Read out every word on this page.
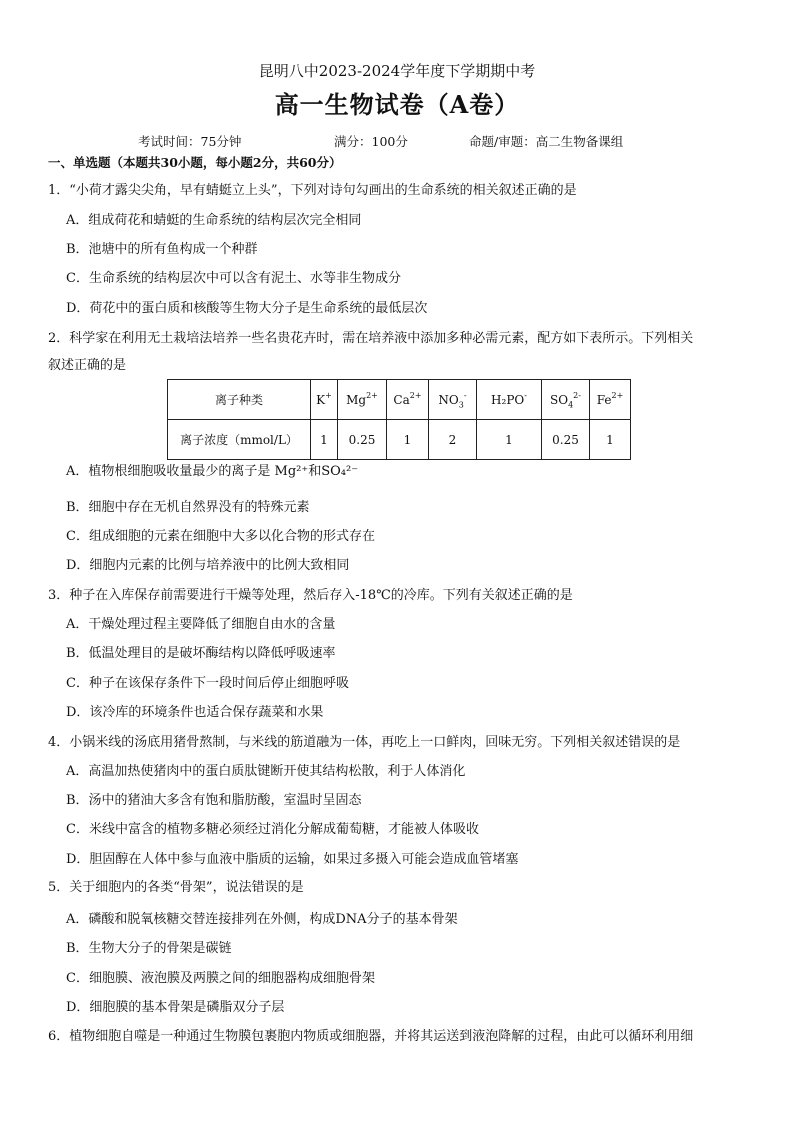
昆明八中2023-2024学年度下学期期中考
高一生物试卷（A卷）
考试时间：75分钟	满分：100分	命题/审题：高二生物备课组
一、单选题（本题共30小题，每小题2分，共60分）
1．“小荷才露尖尖角，早有蜻蜓立上头”，下列对诗句勾画出的生命系统的相关叙述正确的是
A．组成荷花和蜻蜓的生命系统的结构层次完全相同
B．池塘中的所有鱼构成一个种群
C．生命系统的结构层次中可以含有泥土、水等非生物成分
D．荷花中的蛋白质和核酸等生物大分子是生命系统的最低层次
2．科学家在利用无土栽培法培养一些名贵花卉时，需在培养液中添加多种必需元素，配方如下表所示。下列相关
叙述正确的是
离子种类	K+	$Mg^{2+}$	$Ca^{2+}$	$NO_3^-$	H₂PO-	$SO_4^{2-}$	$Fe^{2+}$
离子浓度（mmol/L）	1	0.25	1	2	1	0.25	1
A．植物根细胞吸收量最少的离子是 Mg²⁺和SO₄²⁻
B．细胞中存在无机自然界没有的特殊元素
C．组成细胞的元素在细胞中大多以化合物的形式存在
D．细胞内元素的比例与培养液中的比例大致相同
3．种子在入库保存前需要进行干燥等处理，然后存入-18℃的冷库。下列有关叙述正确的是
A．干燥处理过程主要降低了细胞自由水的含量
B．低温处理目的是破坏酶结构以降低呼吸速率
C．种子在该保存条件下一段时间后停止细胞呼吸
D．该冷库的环境条件也适合保存蔬菜和水果
4．小锅米线的汤底用猪骨熬制，与米线的筋道融为一体，再吃上一口鲜肉，回味无穷。下列相关叙述错误的是
A．高温加热使猪肉中的蛋白质肽键断开使其结构松散，利于人体消化
B．汤中的猪油大多含有饱和脂肪酸，室温时呈固态
C．米线中富含的植物多糖必须经过消化分解成葡萄糖，才能被人体吸收
D．胆固醇在人体中参与血液中脂质的运输，如果过多摄入可能会造成血管堵塞
5．关于细胞内的各类“骨架”，说法错误的是
A．磷酸和脱氧核糖交替连接排列在外侧，构成DNA分子的基本骨架
B．生物大分子的骨架是碳链
C．细胞膜、液泡膜及两膜之间的细胞器构成细胞骨架
D．细胞膜的基本骨架是磷脂双分子层
6．植物细胞自噬是一种通过生物膜包裹胞内物质或细胞器，并将其运送到液泡降解的过程，由此可以循环利用细
